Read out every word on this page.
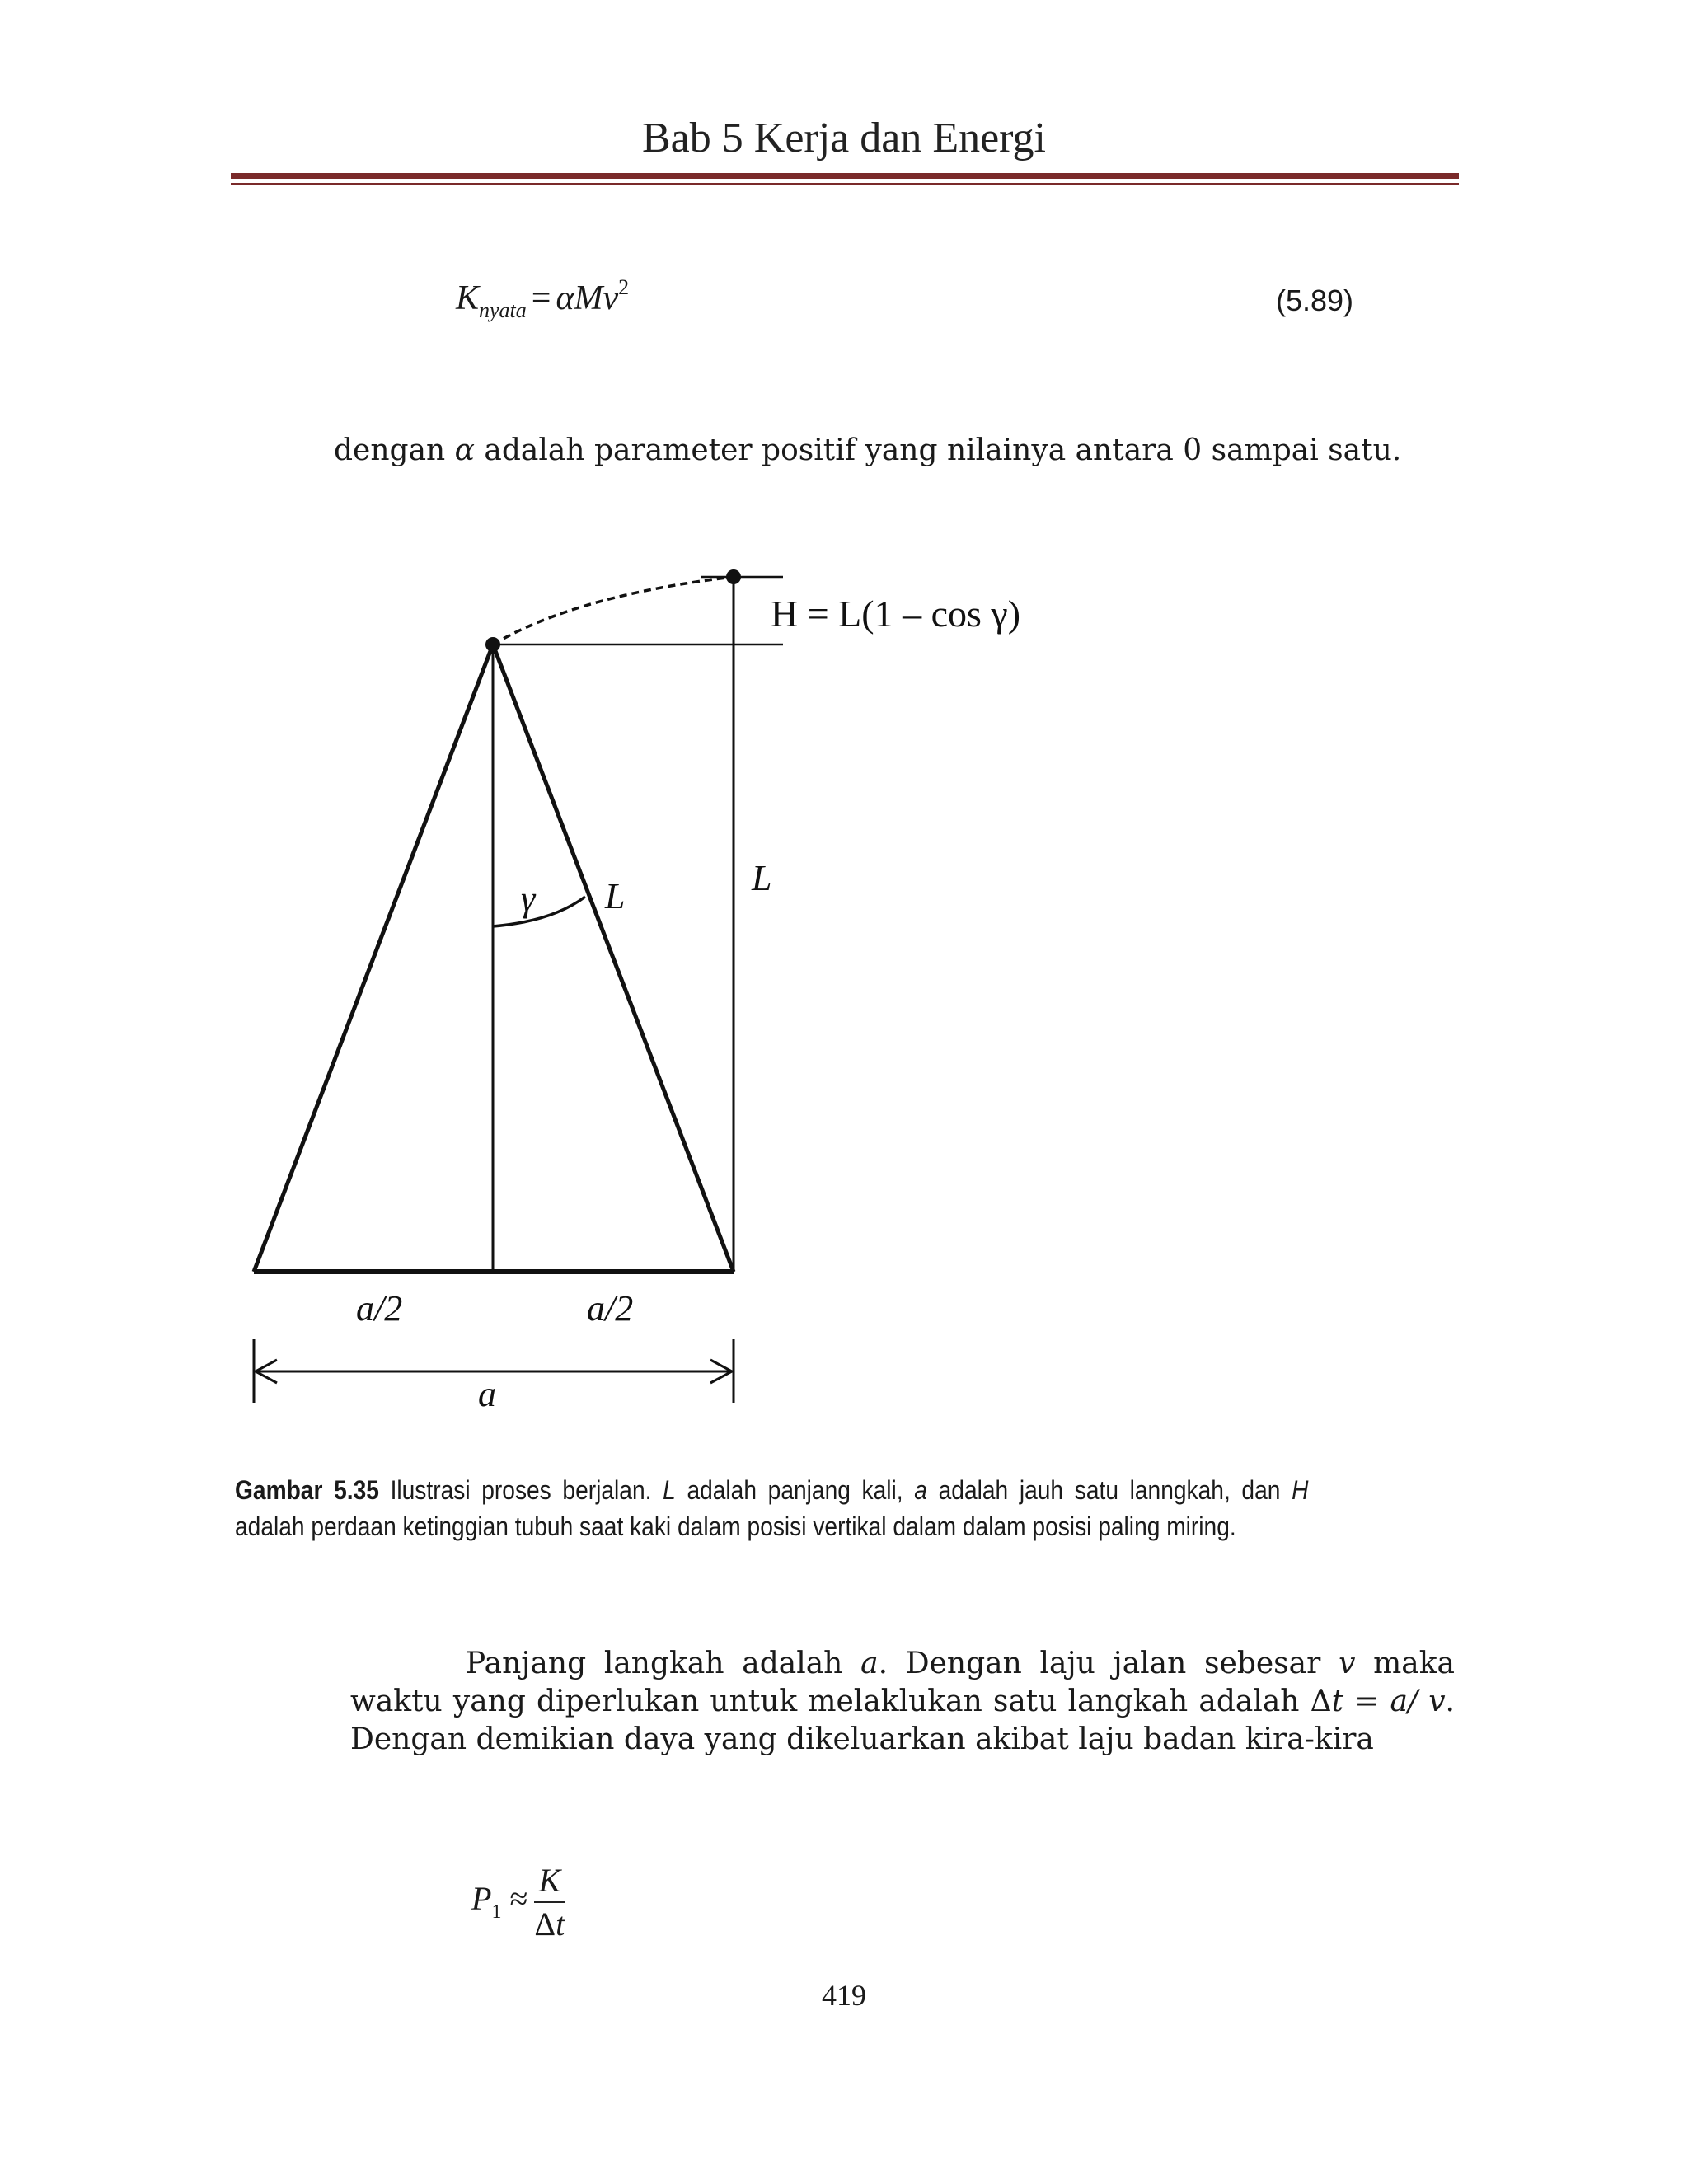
Bab 5 Kerja dan Energi
$K_{nyata} = \alpha Mv^2$	(5.89)
dengan α adalah parameter positif yang nilainya antara 0 sampai satu.
H = L(1 – cos γ)
γ L	L
a/2	a/2
a
Gambar 5.35 Ilustrasi proses berjalan. L adalah panjang kali, a adalah jauh satu lanngkah, dan H adalah perdaan ketinggian tubuh saat kaki dalam posisi vertikal dalam dalam posisi paling miring.
Panjang langkah adalah a. Dengan laju jalan sebesar v maka waktu yang diperlukan untuk melaklukan satu langkah adalah Δt = a/ v. Dengan demikian daya yang dikeluarkan akibat laju badan kira-kira
$P_1 \approx \frac{K}{\Delta t}$
419
